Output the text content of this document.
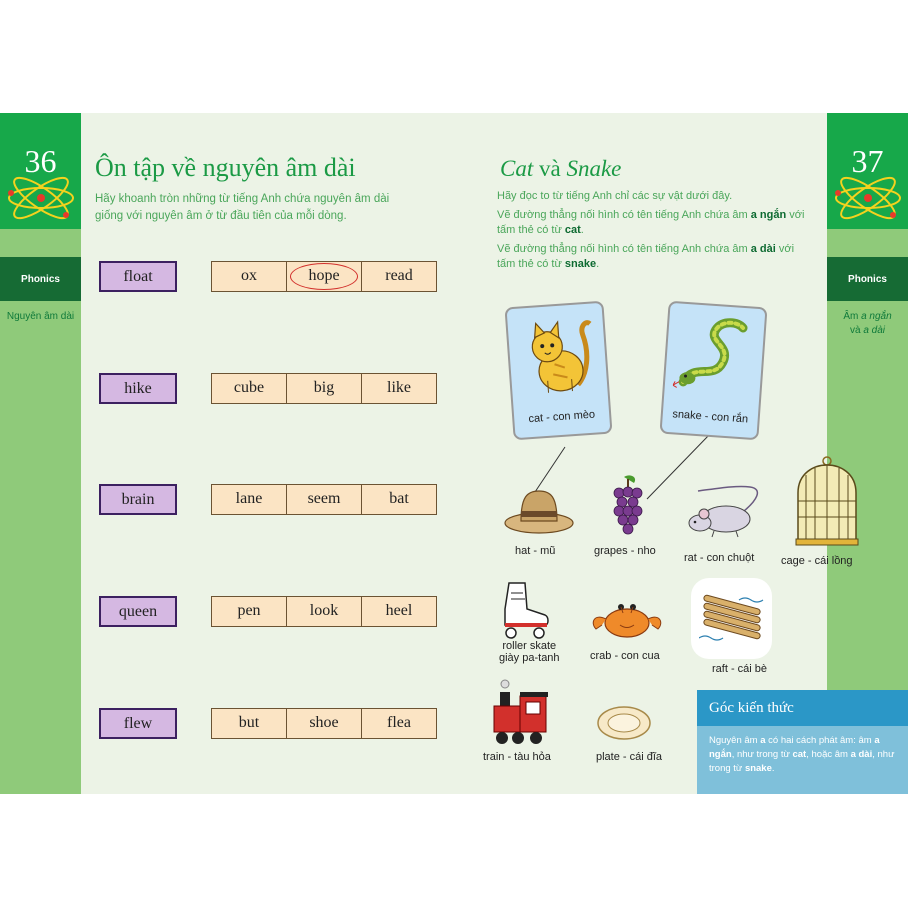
36
Phonics
Nguyên âm dài
37
Phonics
Âm a ngắn
và a dài
Ôn tập về nguyên âm dài
Hãy khoanh tròn những từ tiếng Anh chứa nguyên âm dài
giống với nguyên âm ở từ đầu tiên của mỗi dòng.
float	ox	hope	read
hike	cube	big	like
brain	lane	seem	bat
queen	pen	look	heel
flew	but	shoe	flea
Cat và Snake
Hãy đọc to từ tiếng Anh chỉ các sự vật dưới đây.
Vẽ đường thẳng nối hình có tên tiếng Anh chứa âm a ngắn với
tấm thẻ có từ cat.
Vẽ đường thẳng nối hình có tên tiếng Anh chứa âm a dài với
tấm thẻ có từ snake.
cat - con mèo	snake - con rắn
hat - mũ	grapes - nho
rat - con chuột cage - cái lồng
roller skate
giày pa-tanh	crab - con cua
raft - cái bè
train - tàu hỏa	plate - cái đĩa
Góc kiến thức
Nguyên âm a có hai cách phát âm: âm a ngắn, như trong từ cat, hoặc âm a dài, như trong từ snake.
